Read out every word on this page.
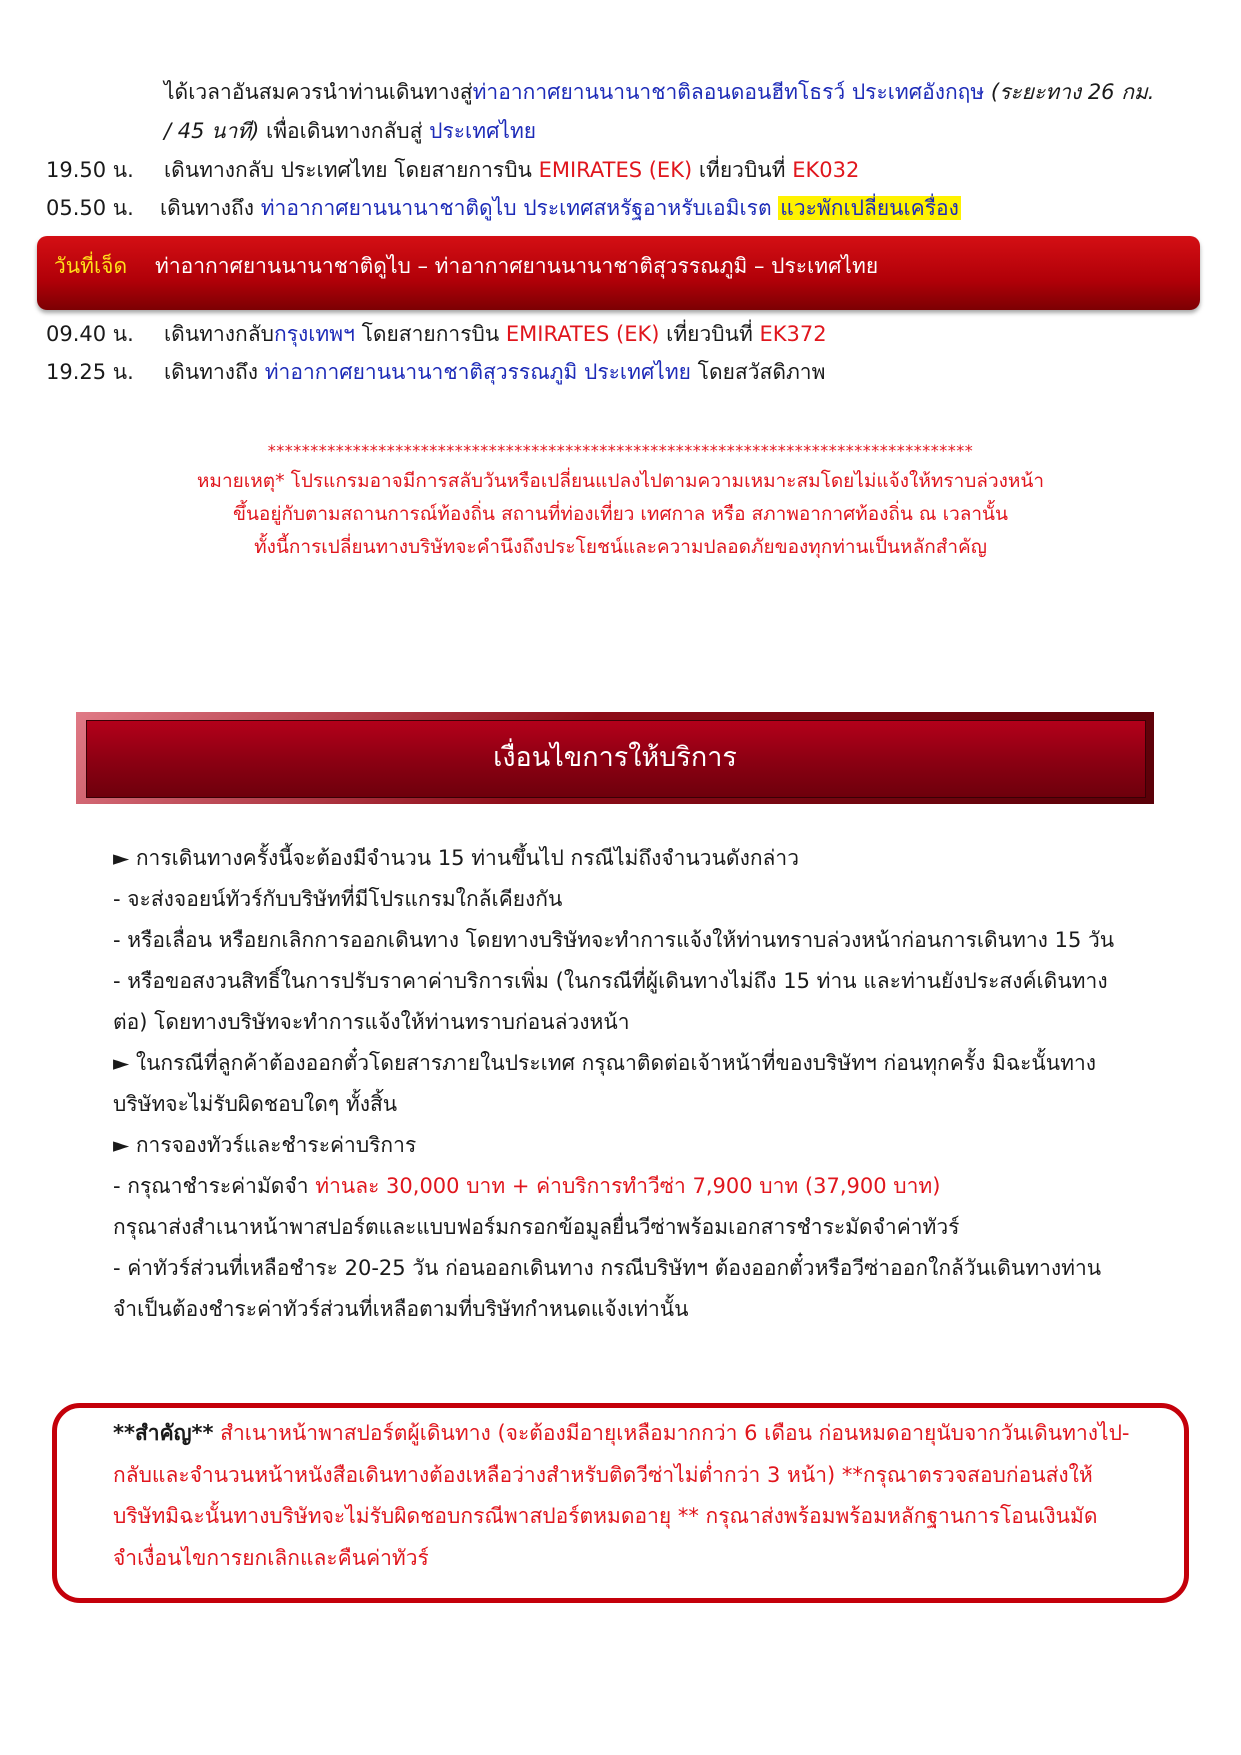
ได้เวลาอันสมควรนำท่านเดินทางสู่ท่าอากาศยานนานาชาติลอนดอนฮีทโธรว์ ประเทศอังกฤษ (ระยะทาง 26 กม.
/ 45 นาที) เพื่อเดินทางกลับสู่ ประเทศไทย
19.50 น. เดินทางกลับ ประเทศไทย โดยสายการบิน EMIRATES (EK) เที่ยวบินที่ EK032
05.50 น. เดินทางถึง ท่าอากาศยานนานาชาติดูไบ ประเทศสหรัฐอาหรับเอมิเรต แวะพักเปลี่ยนเครื่อง
วันที่เจ็ด ท่าอากาศยานนานาชาติดูไบ – ท่าอากาศยานนานาชาติสุวรรณภูมิ – ประเทศไทย
09.40 น. เดินทางกลับกรุงเทพฯ โดยสายการบิน EMIRATES (EK) เที่ยวบินที่ EK372
19.25 น. เดินทางถึง ท่าอากาศยานนานาชาติสุวรรณภูมิ ประเทศไทย โดยสวัสดิภาพ
***********************************************************************************
หมายเหตุ* โปรแกรมอาจมีการสลับวันหรือเปลี่ยนแปลงไปตามความเหมาะสมโดยไม่แจ้งให้ทราบล่วงหน้า
ขึ้นอยู่กับตามสถานการณ์ท้องถิ่น สถานที่ท่องเที่ยว เทศกาล หรือ สภาพอากาศท้องถิ่น ณ เวลานั้น
ทั้งนี้การเปลี่ยนทางบริษัทจะคำนึงถึงประโยชน์และความปลอดภัยของทุกท่านเป็นหลักสำคัญ
เงื่อนไขการให้บริการ
► การเดินทางครั้งนี้จะต้องมีจำนวน 15 ท่านขึ้นไป กรณีไม่ถึงจำนวนดังกล่าว
- จะส่งจอยน์ทัวร์กับบริษัทที่มีโปรแกรมใกล้เคียงกัน
- หรือเลื่อน หรือยกเลิกการออกเดินทาง โดยทางบริษัทจะทำการแจ้งให้ท่านทราบล่วงหน้าก่อนการเดินทาง 15 วัน
- หรือขอสงวนสิทธิ์ในการปรับราคาค่าบริการเพิ่ม (ในกรณีที่ผู้เดินทางไม่ถึง 15 ท่าน และท่านยังประสงค์เดินทาง
ต่อ) โดยทางบริษัทจะทำการแจ้งให้ท่านทราบก่อนล่วงหน้า
► ในกรณีที่ลูกค้าต้องออกตั๋วโดยสารภายในประเทศ กรุณาติดต่อเจ้าหน้าที่ของบริษัทฯ ก่อนทุกครั้ง มิฉะนั้นทาง
บริษัทจะไม่รับผิดชอบใดๆ ทั้งสิ้น
► การจองทัวร์และชำระค่าบริการ
- กรุณาชำระค่ามัดจำ ท่านละ 30,000 บาท + ค่าบริการทำวีซ่า 7,900 บาท (37,900 บาท)
กรุณาส่งสำเนาหน้าพาสปอร์ตและแบบฟอร์มกรอกข้อมูลยื่นวีซ่าพร้อมเอกสารชำระมัดจำค่าทัวร์
- ค่าทัวร์ส่วนที่เหลือชำระ 20-25 วัน ก่อนออกเดินทาง กรณีบริษัทฯ ต้องออกตั๋วหรือวีซ่าออกใกล้วันเดินทางท่าน
จำเป็นต้องชำระค่าทัวร์ส่วนที่เหลือตามที่บริษัทกำหนดแจ้งเท่านั้น
**สำคัญ** สำเนาหน้าพาสปอร์ตผู้เดินทาง (จะต้องมีอายุเหลือมากกว่า 6 เดือน ก่อนหมดอายุนับจากวันเดินทางไป-
กลับและจำนวนหน้าหนังสือเดินทางต้องเหลือว่างสำหรับติดวีซ่าไม่ต่ำกว่า 3 หน้า) **กรุณาตรวจสอบก่อนส่งให้
บริษัทมิฉะนั้นทางบริษัทจะไม่รับผิดชอบกรณีพาสปอร์ตหมดอายุ ** กรุณาส่งพร้อมพร้อมหลักฐานการโอนเงินมัด
จำเงื่อนไขการยกเลิกและคืนค่าทัวร์
